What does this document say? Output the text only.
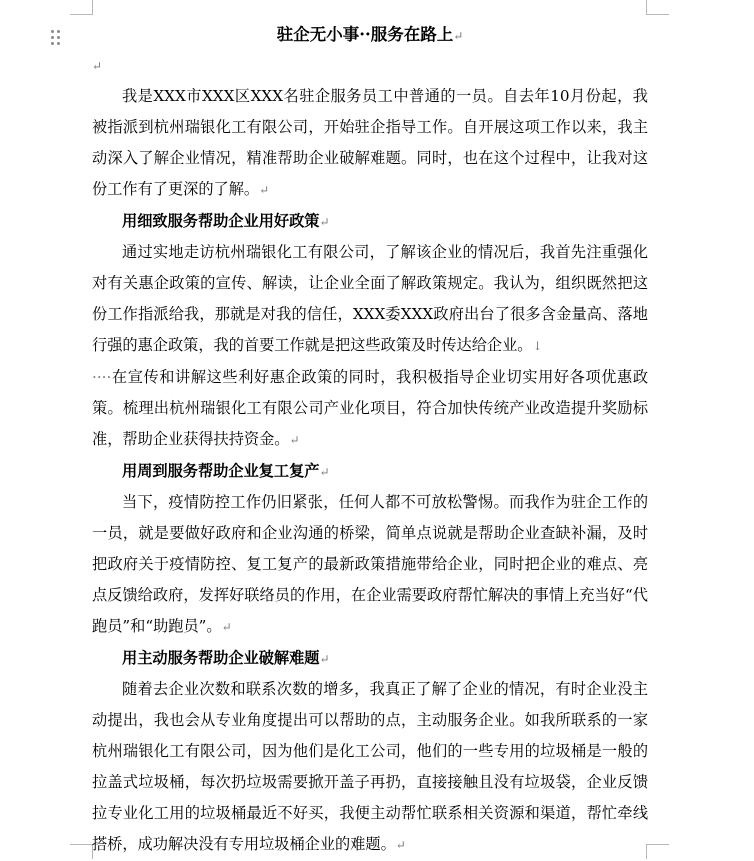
驻企无小事··服务在路上↵
↵

我是XXX市XXX区XXX名驻企服务员工中普通的一员。自去年10月份起，我被指派到杭州瑞银化工有限公司，开始驻企指导工作。自开展这项工作以来，我主动深入了解企业情况，精准帮助企业破解难题。同时，也在这个过程中，让我对这份工作有了更深的了解。↵

用细致服务帮助企业用好政策↵

通过实地走访杭州瑞银化工有限公司，了解该企业的情况后，我首先注重强化对有关惠企政策的宣传、解读，让企业全面了解政策规定。我认为，组织既然把这份工作指派给我，那就是对我的信任，XXX委XXX政府出台了很多含金量高、落地行强的惠企政策，我的首要工作就是把这些政策及时传达给企业。↓

····在宣传和讲解这些利好惠企政策的同时，我积极指导企业切实用好各项优惠政策。梳理出杭州瑞银化工有限公司产业化项目，符合加快传统产业改造提升奖励标准，帮助企业获得扶持资金。↵

用周到服务帮助企业复工复产↵

当下，疫情防控工作仍旧紧张，任何人都不可放松警惕。而我作为驻企工作的一员，就是要做好政府和企业沟通的桥梁，简单点说就是帮助企业查缺补漏，及时把政府关于疫情防控、复工复产的最新政策措施带给企业，同时把企业的难点、亮点反馈给政府，发挥好联络员的作用，在企业需要政府帮忙解决的事情上充当好“代跑员”和“助跑员”。↵

用主动服务帮助企业破解难题↵

随着去企业次数和联系次数的增多，我真正了解了企业的情况，有时企业没主动提出，我也会从专业角度提出可以帮助的点，主动服务企业。如我所联系的一家杭州瑞银化工有限公司，因为他们是化工公司，他们的一些专用的垃圾桶是一般的拉盖式垃圾桶，每次扔垃圾需要掀开盖子再扔，直接接触且没有垃圾袋，企业反馈拉专业化工用的垃圾桶最近不好买，我便主动帮忙联系相关资源和渠道，帮忙牵线搭桥，成功解决没有专用垃圾桶企业的难题。↵
